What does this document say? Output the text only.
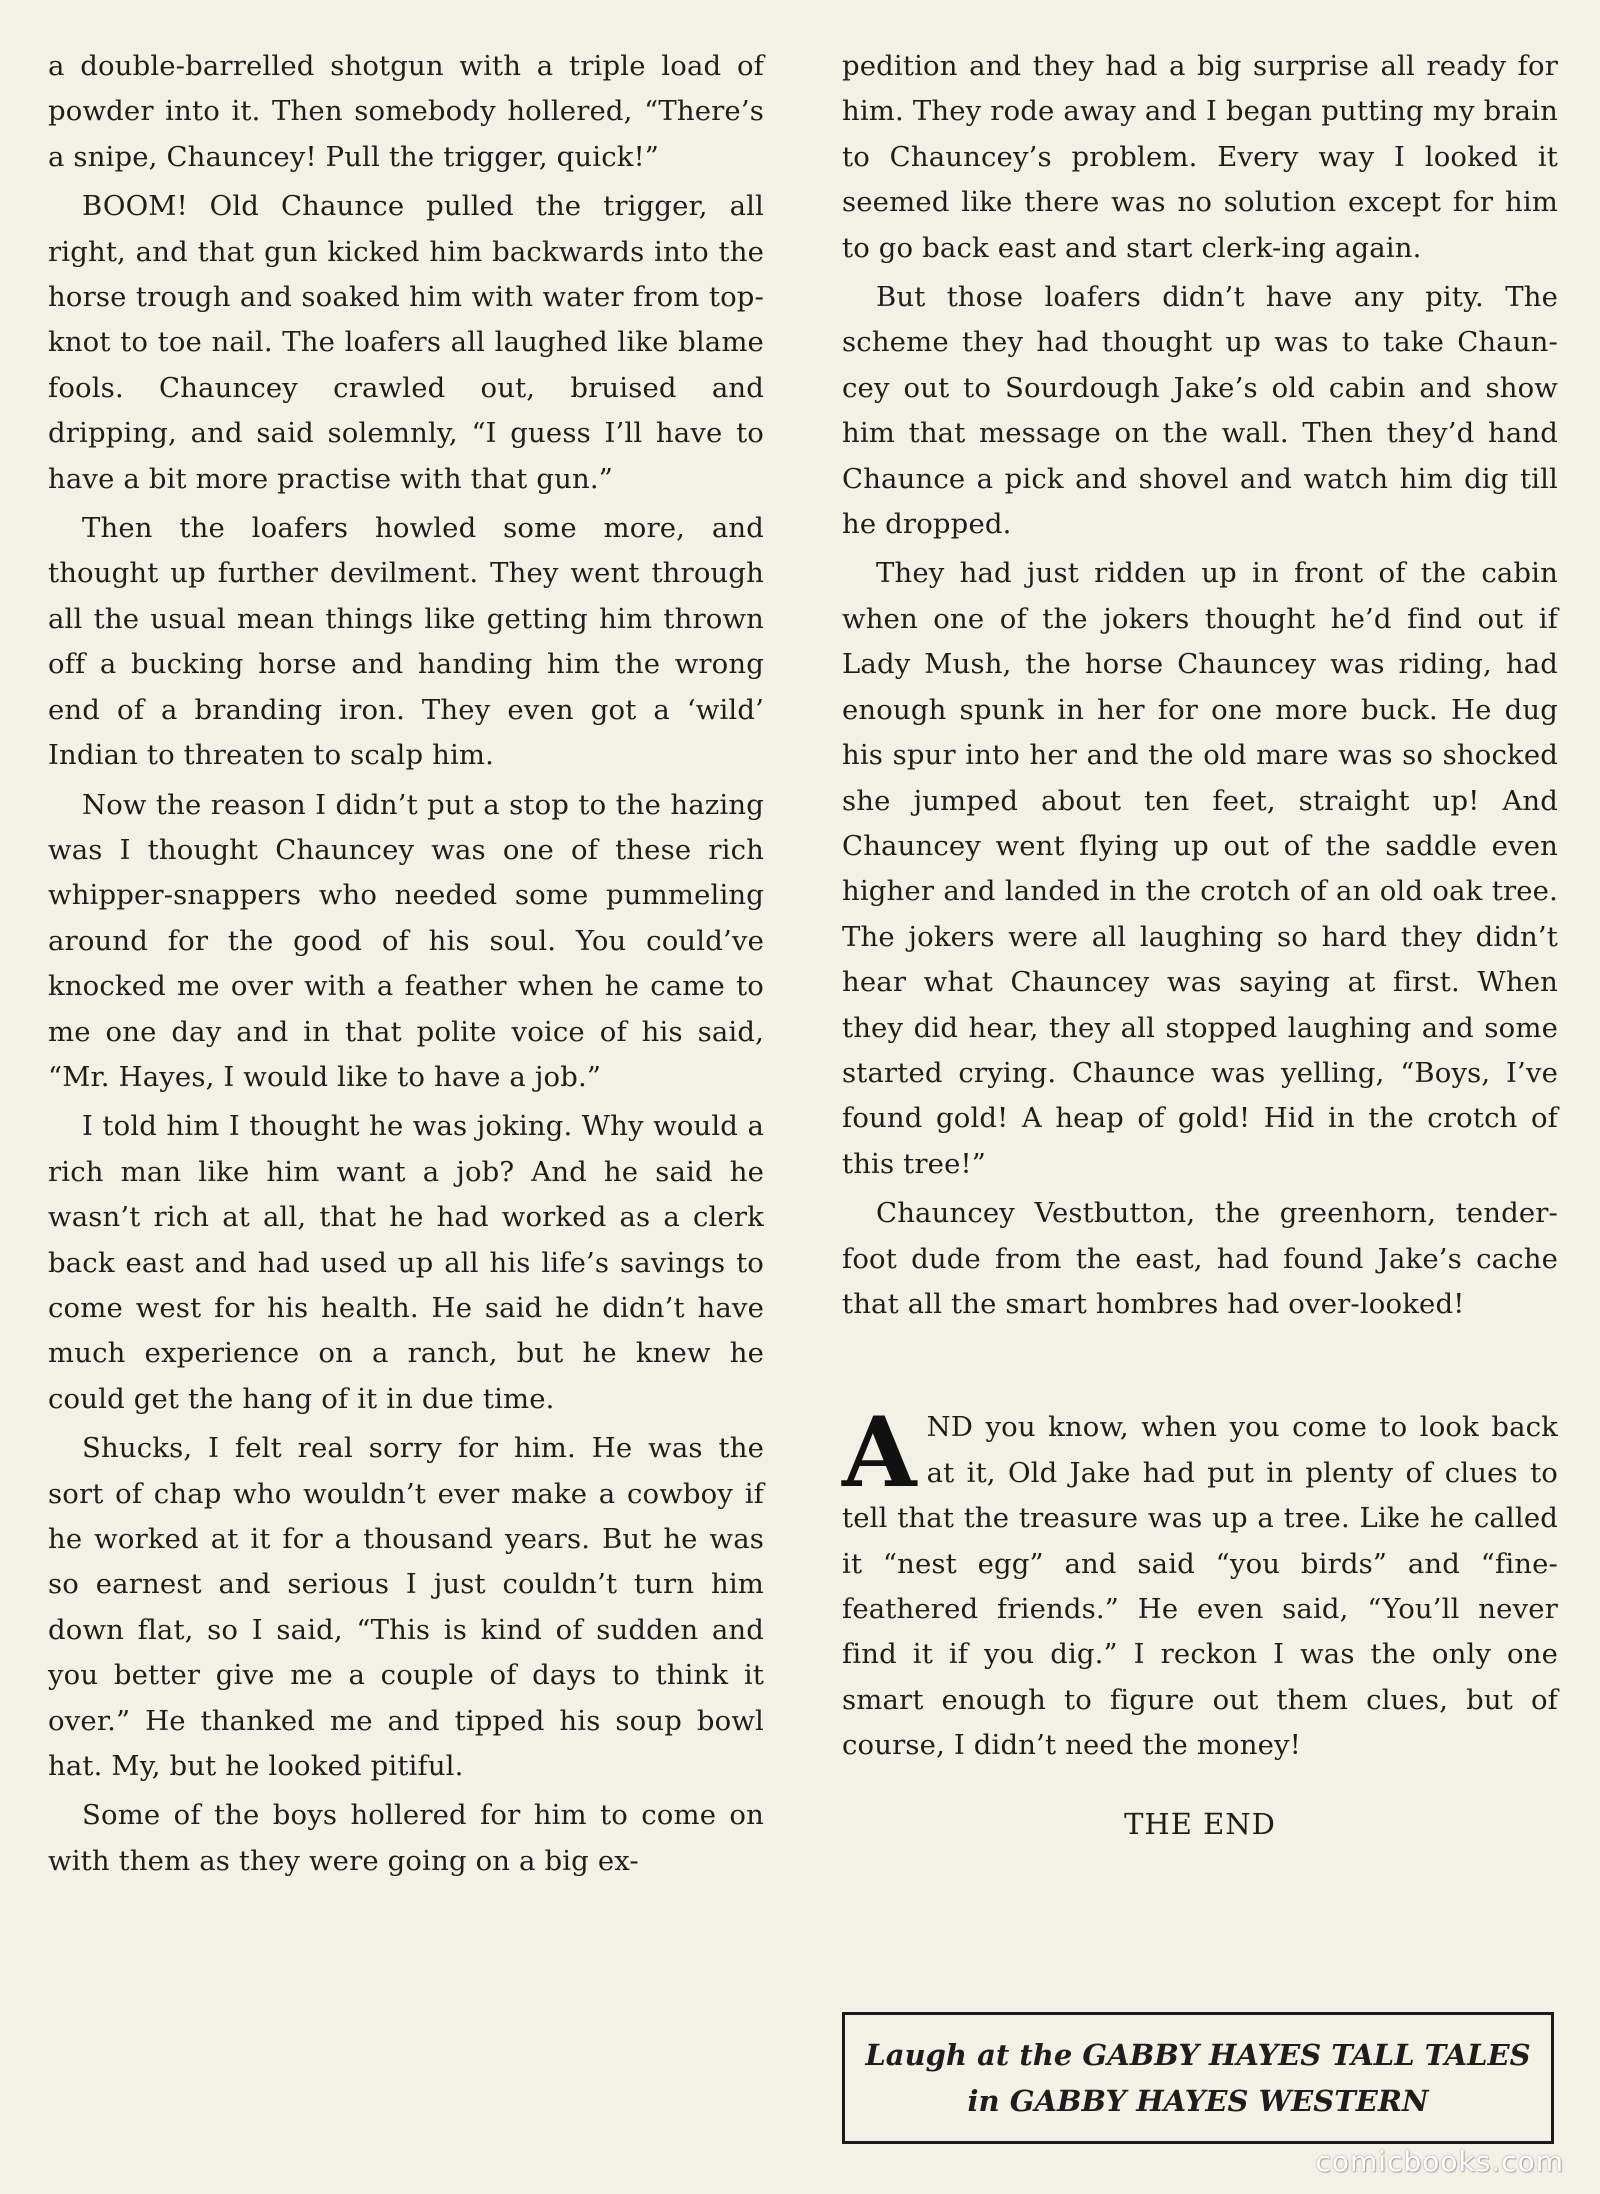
a double-barrelled shotgun with a triple load of powder into it. Then somebody hollered, “There’s a snipe, Chauncey! Pull the trigger, quick!”

BOOM! Old Chaunce pulled the trigger, all right, and that gun kicked him backwards into the horse trough and soaked him with water from top-knot to toe nail. The loafers all laughed like blame fools. Chauncey crawled out, bruised and dripping, and said solemnly, “I guess I’ll have to have a bit more practise with that gun.”

Then the loafers howled some more, and thought up further devilment. They went through all the usual mean things like getting him thrown off a bucking horse and handing him the wrong end of a branding iron. They even got a ‘wild’ Indian to threaten to scalp him.

Now the reason I didn’t put a stop to the hazing was I thought Chauncey was one of these rich whipper-snappers who needed some pummeling around for the good of his soul. You could’ve knocked me over with a feather when he came to me one day and in that polite voice of his said, “Mr. Hayes, I would like to have a job.”

I told him I thought he was joking. Why would a rich man like him want a job? And he said he wasn’t rich at all, that he had worked as a clerk back east and had used up all his life’s savings to come west for his health. He said he didn’t have much experience on a ranch, but he knew he could get the hang of it in due time.

Shucks, I felt real sorry for him. He was the sort of chap who wouldn’t ever make a cowboy if he worked at it for a thousand years. But he was so earnest and serious I just couldn’t turn him down flat, so I said, “This is kind of sudden and you better give me a couple of days to think it over.” He thanked me and tipped his soup bowl hat. My, but he looked pitiful.

Some of the boys hollered for him to come on with them as they were going on a big ex-

pedition and they had a big surprise all ready for him. They rode away and I began putting my brain to Chauncey’s problem. Every way I looked it seemed like there was no solution except for him to go back east and start clerk-ing again.

But those loafers didn’t have any pity. The scheme they had thought up was to take Chaun-cey out to Sourdough Jake’s old cabin and show him that message on the wall. Then they’d hand Chaunce a pick and shovel and watch him dig till he dropped.

They had just ridden up in front of the cabin when one of the jokers thought he’d find out if Lady Mush, the horse Chauncey was riding, had enough spunk in her for one more buck. He dug his spur into her and the old mare was so shocked she jumped about ten feet, straight up! And Chauncey went flying up out of the saddle even higher and landed in the crotch of an old oak tree. The jokers were all laughing so hard they didn’t hear what Chauncey was saying at first. When they did hear, they all stopped laughing and some started crying. Chaunce was yelling, “Boys, I’ve found gold! A heap of gold! Hid in the crotch of this tree!”

Chauncey Vestbutton, the greenhorn, tender-foot dude from the east, had found Jake’s cache that all the smart hombres had over-looked!

AND you know, when you come to look back at it, Old Jake had put in plenty of clues to tell that the treasure was up a tree. Like he called it “nest egg” and said “you birds” and “fine-feathered friends.” He even said, “You’ll never find it if you dig.” I reckon I was the only one smart enough to figure out them clues, but of course, I didn’t need the money!

THE END
Laugh at the GABBY HAYES TALL TALES
in GABBY HAYES WESTERN
comicbooks.com
